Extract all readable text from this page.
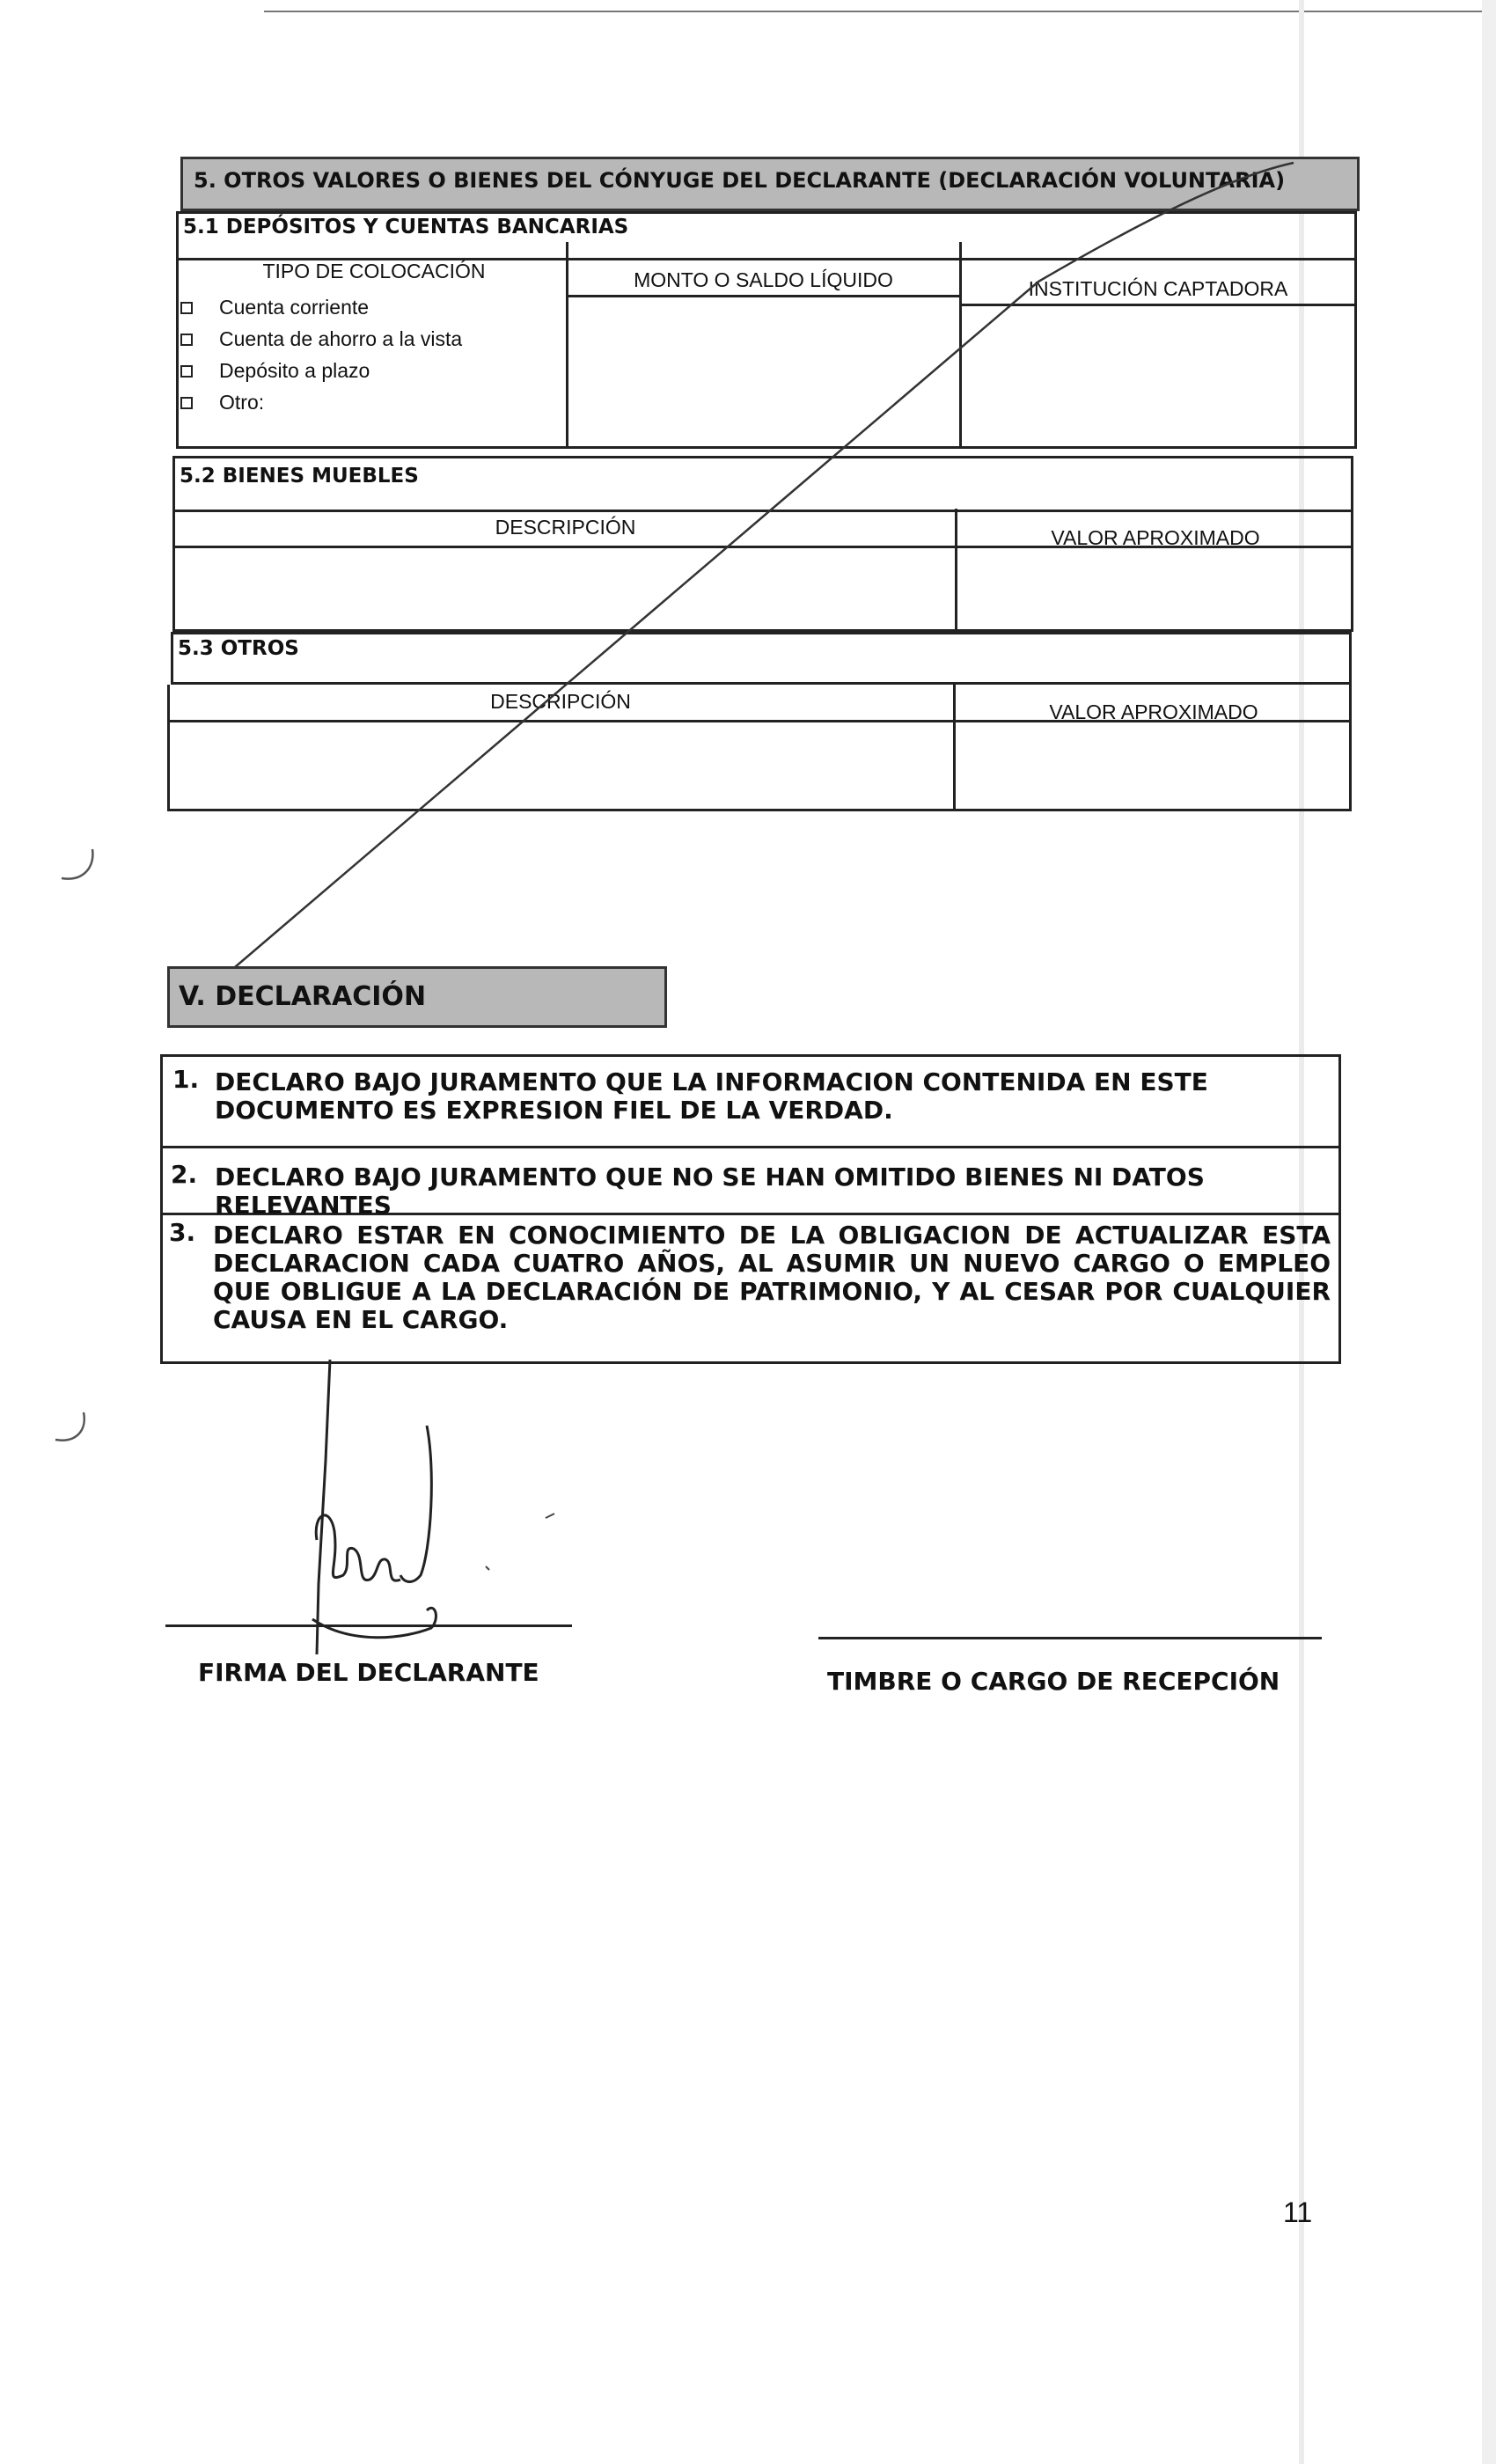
5. OTROS VALORES O BIENES DEL CÓNYUGE DEL DECLARANTE (DECLARACIÓN VOLUNTARIA)
5.1 DEPÓSITOS Y CUENTAS BANCARIAS
TIPO DE COLOCACIÓN	MONTO O SALDO LÍQUIDO	INSTITUCIÓN CAPTADORA
Cuenta corriente
Cuenta de ahorro a la vista
Depósito a plazo
Otro:
5.2 BIENES MUEBLES
DESCRIPCIÓN	VALOR APROXIMADO
5.3 OTROS
DESCRIPCIÓN	VALOR APROXIMADO
V. DECLARACIÓN
1. DECLARO BAJO JURAMENTO QUE LA INFORMACION CONTENIDA EN ESTE DOCUMENTO ES EXPRESION FIEL DE LA VERDAD.
2. DECLARO BAJO JURAMENTO QUE NO SE HAN OMITIDO BIENES NI DATOS RELEVANTES
3. DECLARO ESTAR EN CONOCIMIENTO DE LA OBLIGACION DE ACTUALIZAR ESTA DECLARACION CADA CUATRO AÑOS, AL ASUMIR UN NUEVO CARGO O EMPLEO QUE OBLIGUE A LA DECLARACIÓN DE PATRIMONIO, Y AL CESAR POR CUALQUIER CAUSA EN EL CARGO.
FIRMA DEL DECLARANTE	TIMBRE O CARGO DE RECEPCIÓN
11
